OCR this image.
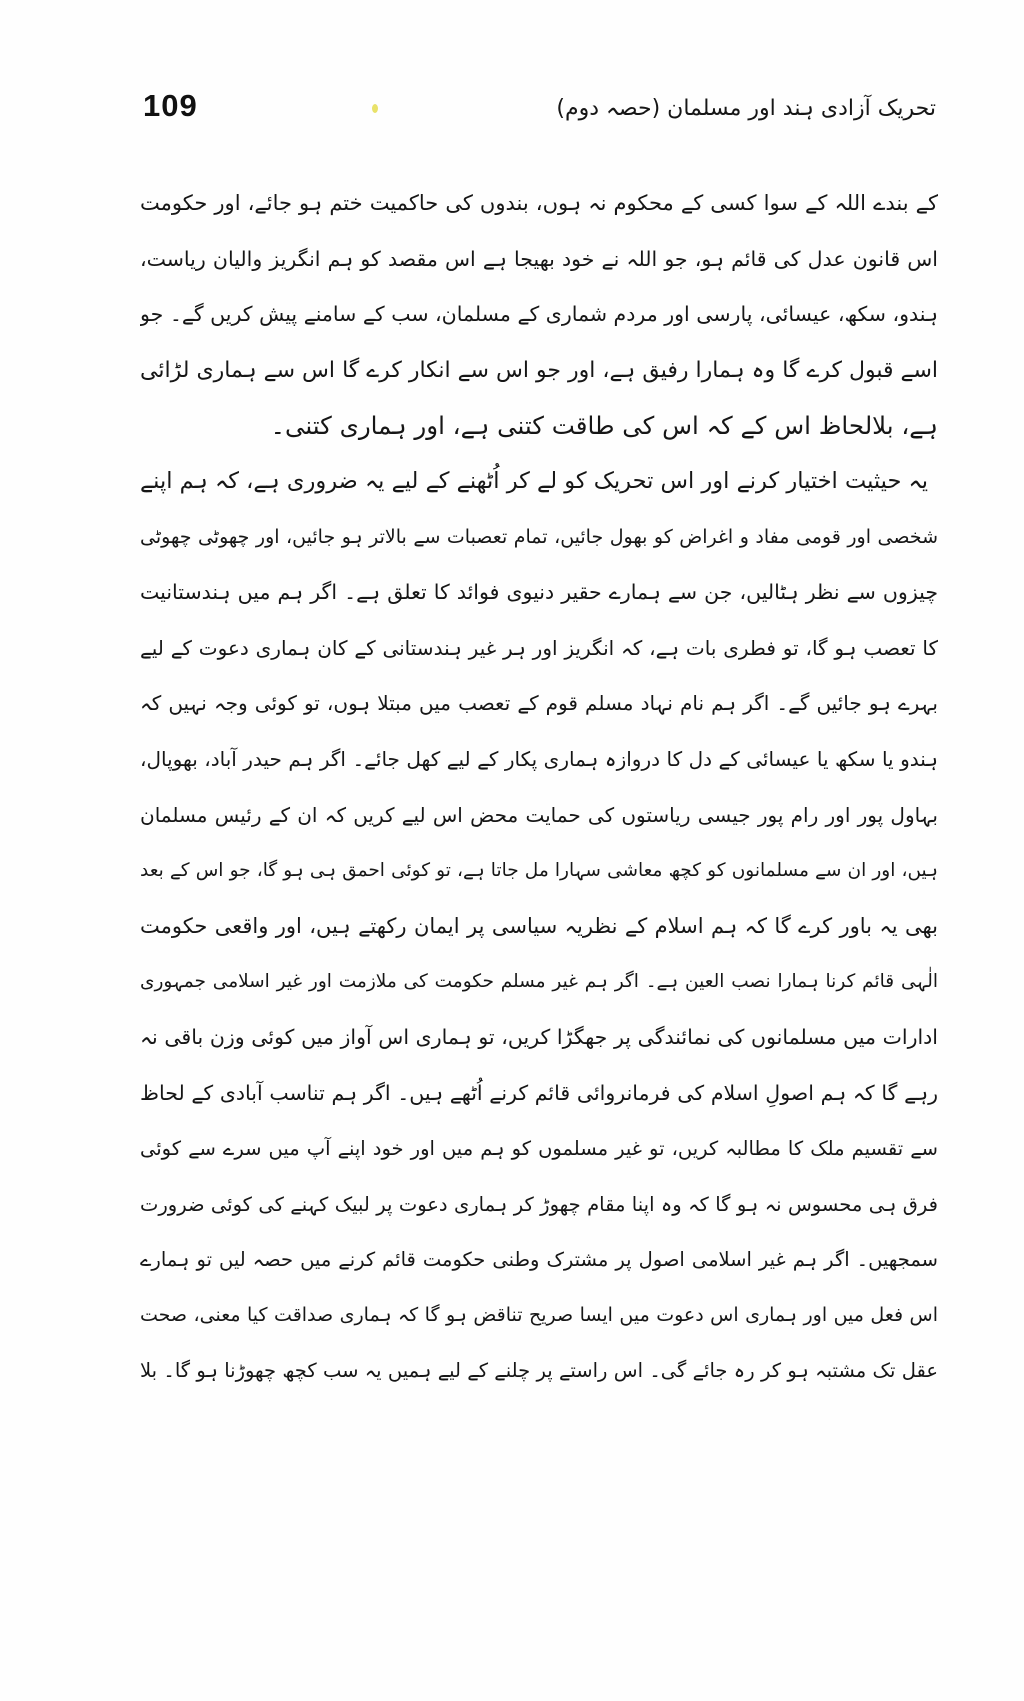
109	تحریک آزادی ہند اور مسلمان (حصہ دوم)
کے بندے اللہ کے سوا کسی کے محکوم نہ ہوں، بندوں کی حاکمیت ختم ہو جائے، اور حکومت
اس قانون عدل کی قائم ہو، جو اللہ نے خود بھیجا ہے اس مقصد کو ہم انگریز والیان ریاست،
ہندو، سکھ، عیسائی، پارسی اور مردم شماری کے مسلمان، سب کے سامنے پیش کریں گے۔ جو
اسے قبول کرے گا وہ ہمارا رفیق ہے، اور جو اس سے انکار کرے گا اس سے ہماری لڑائی
ہے، بلالحاظ اس کے کہ اس کی طاقت کتنی ہے، اور ہماری کتنی۔
یہ حیثیت اختیار کرنے اور اس تحریک کو لے کر اُٹھنے کے لیے یہ ضروری ہے، کہ ہم اپنے
شخصی اور قومی مفاد و اغراض کو بھول جائیں، تمام تعصبات سے بالاتر ہو جائیں، اور چھوٹی چھوٹی
چیزوں سے نظر ہٹالیں، جن سے ہمارے حقیر دنیوی فوائد کا تعلق ہے۔ اگر ہم میں ہندستانیت
کا تعصب ہو گا، تو فطری بات ہے، کہ انگریز اور ہر غیر ہندستانی کے کان ہماری دعوت کے لیے
بہرے ہو جائیں گے۔ اگر ہم نام نہاد مسلم قوم کے تعصب میں مبتلا ہوں، تو کوئی وجہ نہیں کہ
ہندو یا سکھ یا عیسائی کے دل کا دروازہ ہماری پکار کے لیے کھل جائے۔ اگر ہم حیدر آباد، بھوپال،
بہاول پور اور رام پور جیسی ریاستوں کی حمایت محض اس لیے کریں کہ ان کے رئیس مسلمان
ہیں، اور ان سے مسلمانوں کو کچھ معاشی سہارا مل جاتا ہے، تو کوئی احمق ہی ہو گا، جو اس کے بعد
بھی یہ باور کرے گا کہ ہم اسلام کے نظریہ سیاسی پر ایمان رکھتے ہیں، اور واقعی حکومت
الٰہی قائم کرنا ہمارا نصب العین ہے۔ اگر ہم غیر مسلم حکومت کی ملازمت اور غیر اسلامی جمہوری
ادارات میں مسلمانوں کی نمائندگی پر جھگڑا کریں، تو ہماری اس آواز میں کوئی وزن باقی نہ
رہے گا کہ ہم اصولِ اسلام کی فرمانروائی قائم کرنے اُٹھے ہیں۔ اگر ہم تناسب آبادی کے لحاظ
سے تقسیم ملک کا مطالبہ کریں، تو غیر مسلموں کو ہم میں اور خود اپنے آپ میں سرے سے کوئی
فرق ہی محسوس نہ ہو گا کہ وہ اپنا مقام چھوڑ کر ہماری دعوت پر لبیک کہنے کی کوئی ضرورت
سمجھیں۔ اگر ہم غیر اسلامی اصول پر مشترک وطنی حکومت قائم کرنے میں حصہ لیں تو ہمارے
اس فعل میں اور ہماری اس دعوت میں ایسا صریح تناقض ہو گا کہ ہماری صداقت کیا معنی، صحت
عقل تک مشتبہ ہو کر رہ جائے گی۔ اس راستے پر چلنے کے لیے ہمیں یہ سب کچھ چھوڑنا ہو گا۔ بلا
